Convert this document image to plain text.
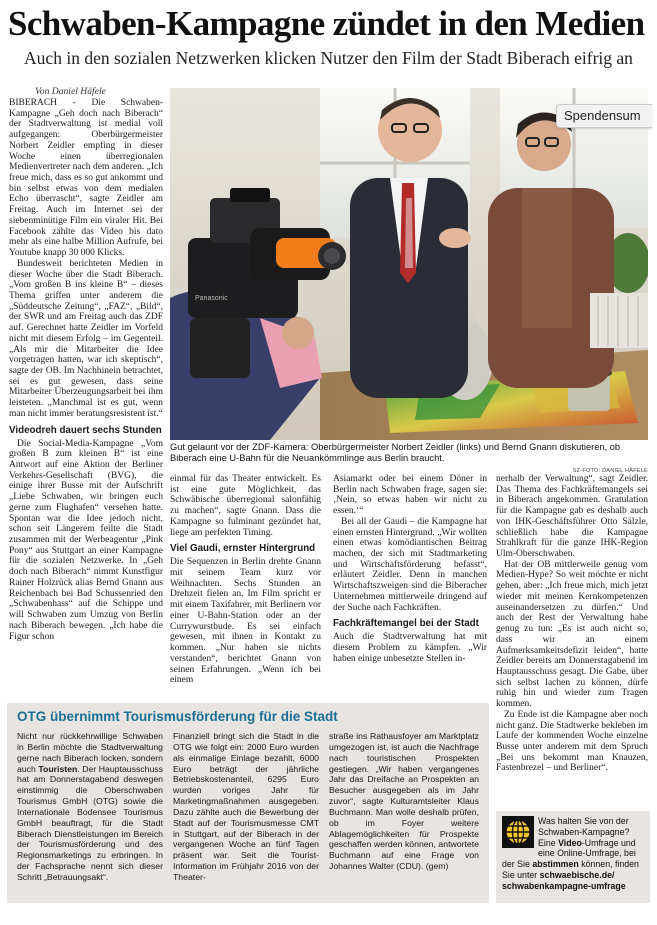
Schwaben-Kampagne zündet in den Medien
Auch in den sozialen Netzwerken klicken Nutzer den Film der Stadt Biberach eifrig an
Von Daniel Häfele

BIBERACH - Die Schwaben-Kampagne „Geh doch nach Biberach“ der Stadtverwaltung ist medial voll aufgegangen: Oberbürgermeister Norbert Zeidler empfing in dieser Woche einen überregionalen Medienvertreter nach dem anderen. „Ich freue mich, dass es so gut ankommt und bin selbst etwas von dem medialen Echo überrascht“, sagte Zeidler am Freitag. Auch im Internet sei der siebenminütige Film ein viraler Hit. Bei Facebook zählte das Video bis dato mehr als eine halbe Million Aufrufe, bei Youtube knapp 30 000 Klicks.

Bundesweit berichteten Medien in dieser Woche über die Stadt Biberach. „Vom großen B ins kleine B“ – dieses Thema griffen unter anderem die „Süddeutsche Zeitung“, „FAZ“, „Bild“, der SWR und am Freitag auch das ZDF auf. Gerechnet hatte Zeidler im Vorfeld nicht mit diesem Erfolg – im Gegenteil. „Als mir die Mitarbeiter die Idee vorgetragen hatten, war ich skeptisch“, sagte der OB. Im Nachhinein betrachtet, sei es gut gewesen, dass seine Mitarbeiter Überzeugungsarbeit bei ihm leisteten. „Manchmal ist es gut, wenn man nicht immer beratungsresistent ist.“

Videodreh dauert sechs Stunden

Die Social-Media-Kampagne „Vom großen B zum kleinen B“ ist eine Antwort auf eine Aktion der Berliner Verkehrs-Gesellschaft (BVG), die einige ihrer Busse mit der Aufschrift „Liebe Schwaben, wir bringen euch gerne zum Flughafen“ versehen hatte. Spontan war die Idee jedoch nicht, schon seit Längerem feilte die Stadt zusammen mit der Werbeagentur „Pink Pony“ aus Stuttgart an einer Kampagne für die sozialen Netzwerke. In „Geh doch nach Biberach“ nimmt Kunstfigur Rainer Holzrück alias Bernd Gnann aus Reichenbach bei Bad Schussenried den „Schwabenhass“ auf die Schippe und will Schwaben zum Umzug von Berlin nach Biberach bewegen. „Ich habe die Figur schon

Panasonic
Spendensum
Gut gelaunt vor der ZDF-Kamera: Oberbürgermeister Norbert Zeidler (links) und Bernd Gnann diskutieren, ob Biberach eine U-Bahn für die Neuankömmlinge aus Berlin braucht.
SZ-FOTO: DANIEL HÄFELE

einmal für das Theater entwickelt. Es ist eine gute Möglichkeit, das Schwäbische überregional salonfähig zu machen“, sagte Gnann. Dass die Kampagne so fulminant gezündet hat, liege am perfekten Timing.

Viel Gaudi, ernster Hintergrund

Die Sequenzen in Berlin drehte Gnann mit seinem Team kurz vor Weihnachten. Sechs Stunden an Drehzeit fielen an. Im Film spricht er mit einem Taxifahrer, mit Berlinern vor einer U-Bahn-Station oder an der Currywurstbude. Es sei einfach gewesen, mit ihnen in Kontakt zu kommen. „Nur haben sie nichts verstanden“, berichtet Gnann von seinen Erfahrungen. „Wenn ich bei einem

Asiamarkt oder bei einem Döner in Berlin nach Schwaben frage, sagen sie: ‚Nein, so etwas haben wir nicht zu essen.‘“

Bei all der Gaudi – die Kampagne hat einen ernsten Hintergrund. „Wir wollten einen etwas komödiantischen Beitrag machen, der sich mit Stadtmarketing und Wirtschaftsförderung befasst“, erläutert Zeidler. Denn in manchen Wirtschaftszweigen sind die Biberacher Unternehmen mittlerweile dringend auf der Suche nach Fachkräften.

Fachkräftemangel bei der Stadt

Auch die Stadtverwaltung hat mit diesem Problem zu kämpfen. „Wir haben einige unbesetzte Stellen in-

nerhalb der Verwaltung“, sagt Zeidler. Das Thema des Fachkräftemangels sei in Biberach angekommen. Gratulation für die Kampagne gab es deshalb auch von IHK-Geschäftsführer Otto Sälzle, schließlich habe die Kampagne Strahlkraft für die ganze IHK-Region Ulm-Oberschwaben.

Hat der OB mittlerweile genug vom Medien-Hype? So weit möchte er nicht gehen, aber: „Ich freue mich, mich jetzt wieder mit meinen Kernkompetenzen auseinandersetzen zu dürfen.“ Und auch der Rest der Verwaltung habe genug zu tun: „Es ist auch nicht so, dass wir an einem Aufmerksamkeitsdefizit leiden“, hatte Zeidler bereits am Donnerstagabend im Hauptausschuss gesagt. Die Gabe, über sich selbst lachen zu können, dürfe ruhig hin und wieder zum Tragen kommen.

Zu Ende ist die Kampagne aber noch nicht ganz. Die Stadtwerke bekleben im Laufe der kommenden Woche einzelne Busse unter anderem mit dem Spruch „Bei uns bekommt man Knauzen, Fastenbrezel – und Berliner“.

OTG übernimmt Tourismusförderung für die Stadt
Nicht nur rückkehrwillige Schwaben in Berlin möchte die Stadtverwaltung gerne nach Biberach locken, sondern auch Touristen. Der Hauptausschuss hat am Donnerstagabend deswegen einstimmig die Oberschwaben Tourismus GmbH (OTG) sowie die Internationale Bodensee Tourismus GmbH beauftragt, für die Stadt Biberach Dienstleistungen im Bereich der Tourismusförderung und des Regionsmarketings zu erbringen. In der Fachsprache nennt sich dieser Schritt „Betrauungsakt“.
Finanziell bringt sich die Stadt in die OTG wie folgt ein: 2000 Euro wurden als einmalige Einlage bezahlt, 6000 Euro beträgt der jährliche Betriebskostenanteil, 6295 Euro wurden voriges Jahr für Marketingmaßnahmen ausgegeben. Dazu zählte auch die Bewerbung der Stadt auf der Tourismusmesse CMT in Stuttgart, auf der Biberach in der vergangenen Woche an fünf Tagen präsent war. Seit die Tourist-Information im Frühjahr 2016 von der Theater-
straße ins Rathausfoyer am Marktplatz umgezogen ist, ist auch die Nachfrage nach touristischen Prospekten gestiegen. „Wir haben vergangenes Jahr das Dreifache an Prospekten an Besucher ausgegeben als im Jahr zuvor“, sagte Kulturamtsleiter Klaus Buchmann. Man wolle deshalb prüfen, ob im Foyer weitere Ablagemöglichkeiten für Prospekte geschaffen werden können, antwortete Buchmann auf eine Frage von Johannes Walter (CDU). (gem)
Was halten Sie von der Schwaben-Kampagne? Eine Video-Umfrage und eine Online-Umfrage, bei der Sie abstimmen können, finden Sie unter schwaebische.de/ schwabenkampagne-umfrage
